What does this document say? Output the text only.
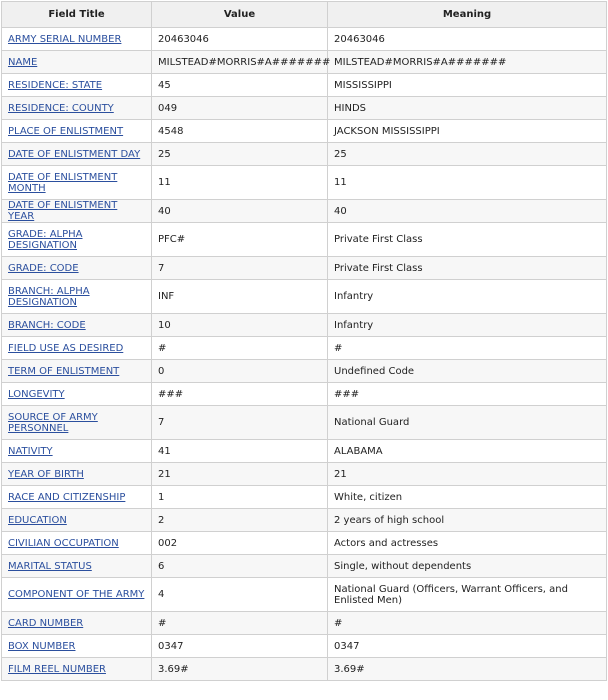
Field Title	Value	Meaning
ARMY SERIAL NUMBER	20463046	20463046
NAME	MILSTEAD#MORRIS#A#######	MILSTEAD#MORRIS#A#######
RESIDENCE: STATE	45	MISSISSIPPI
RESIDENCE: COUNTY	049	HINDS
PLACE OF ENLISTMENT	4548	JACKSON MISSISSIPPI
DATE OF ENLISTMENT DAY	25	25
DATE OF ENLISTMENT MONTH	11	11
DATE OF ENLISTMENT YEAR	40	40
GRADE: ALPHA DESIGNATION	PFC#	Private First Class
GRADE: CODE	7	Private First Class
BRANCH: ALPHA DESIGNATION	INF	Infantry
BRANCH: CODE	10	Infantry
FIELD USE AS DESIRED	#	#
TERM OF ENLISTMENT	0	Undefined Code
LONGEVITY	###	###
SOURCE OF ARMY PERSONNEL	7	National Guard
NATIVITY	41	ALABAMA
YEAR OF BIRTH	21	21
RACE AND CITIZENSHIP	1	White, citizen
EDUCATION	2	2 years of high school
CIVILIAN OCCUPATION	002	Actors and actresses
MARITAL STATUS	6	Single, without dependents
COMPONENT OF THE ARMY	4	National Guard (Officers, Warrant Officers, and Enlisted Men)
CARD NUMBER	#	#
BOX NUMBER	0347	0347
FILM REEL NUMBER	3.69#	3.69#
